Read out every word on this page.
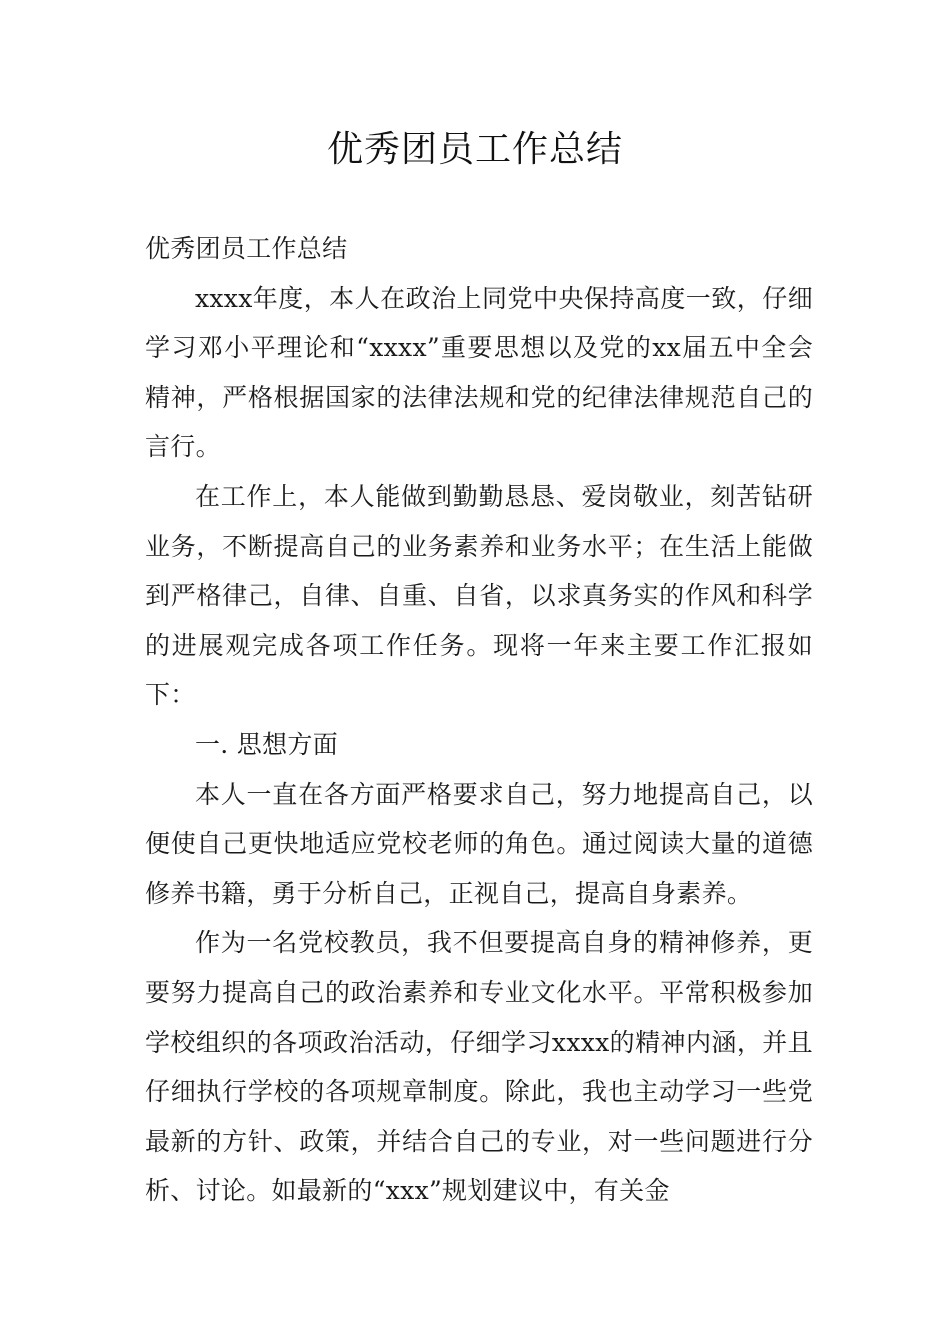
优秀团员工作总结

优秀团员工作总结

xxxx年度，本人在政治上同党中央保持高度一致，仔细学习邓小平理论和“xxxx”重要思想以及党的xx届五中全会精神，严格根据国家的法律法规和党的纪律法律规范自己的言行。

在工作上，本人能做到勤勤恳恳、爱岗敬业，刻苦钻研业务，不断提高自己的业务素养和业务水平；在生活上能做到严格律己，自律、自重、自省，以求真务实的作风和科学的进展观完成各项工作任务。现将一年来主要工作汇报如下：

一. 思想方面

本人一直在各方面严格要求自己，努力地提高自己，以便使自己更快地适应党校老师的角色。通过阅读大量的道德修养书籍，勇于分析自己，正视自己，提高自身素养。

作为一名党校教员，我不但要提高自身的精神修养，更要努力提高自己的政治素养和专业文化水平。平常积极参加学校组织的各项政治活动，仔细学习xxxx的精神内涵，并且仔细执行学校的各项规章制度。除此，我也主动学习一些党最新的方针、政策，并结合自己的专业，对一些问题进行分析、讨论。如最新的“xxx”规划建议中，有关金
